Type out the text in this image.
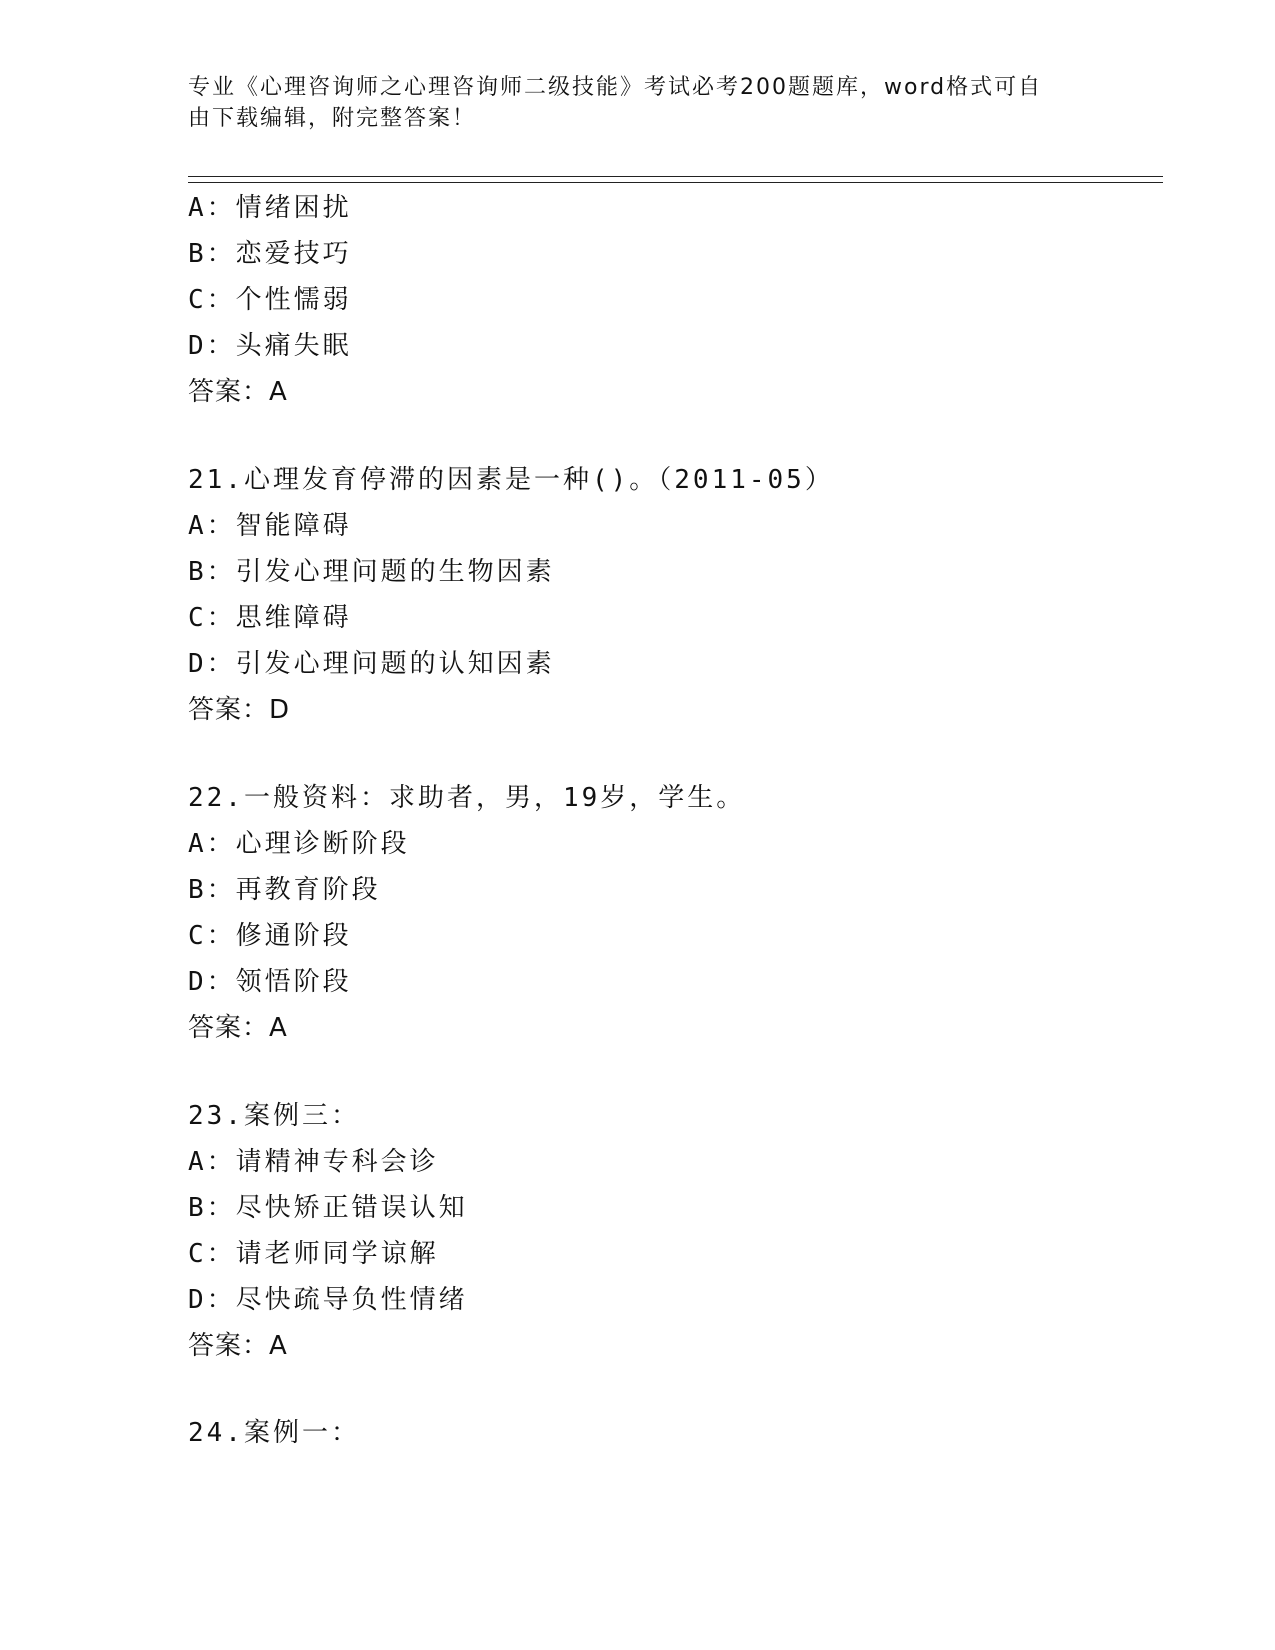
专业《心理咨询师之心理咨询师二级技能》考试必考200题题库，word格式可自
由下载编辑，附完整答案！
A：情绪困扰
B：恋爱技巧
C：个性懦弱
D：头痛失眠
答案：A
21.心理发育停滞的因素是一种()。（2011-05）
A：智能障碍
B：引发心理问题的生物因素
C：思维障碍
D：引发心理问题的认知因素
答案：D
22.一般资料：求助者，男，19岁，学生。
A：心理诊断阶段
B：再教育阶段
C：修通阶段
D：领悟阶段
答案：A
23.案例三：
A：请精神专科会诊
B：尽快矫正错误认知
C：请老师同学谅解
D：尽快疏导负性情绪
答案：A
24.案例一：
